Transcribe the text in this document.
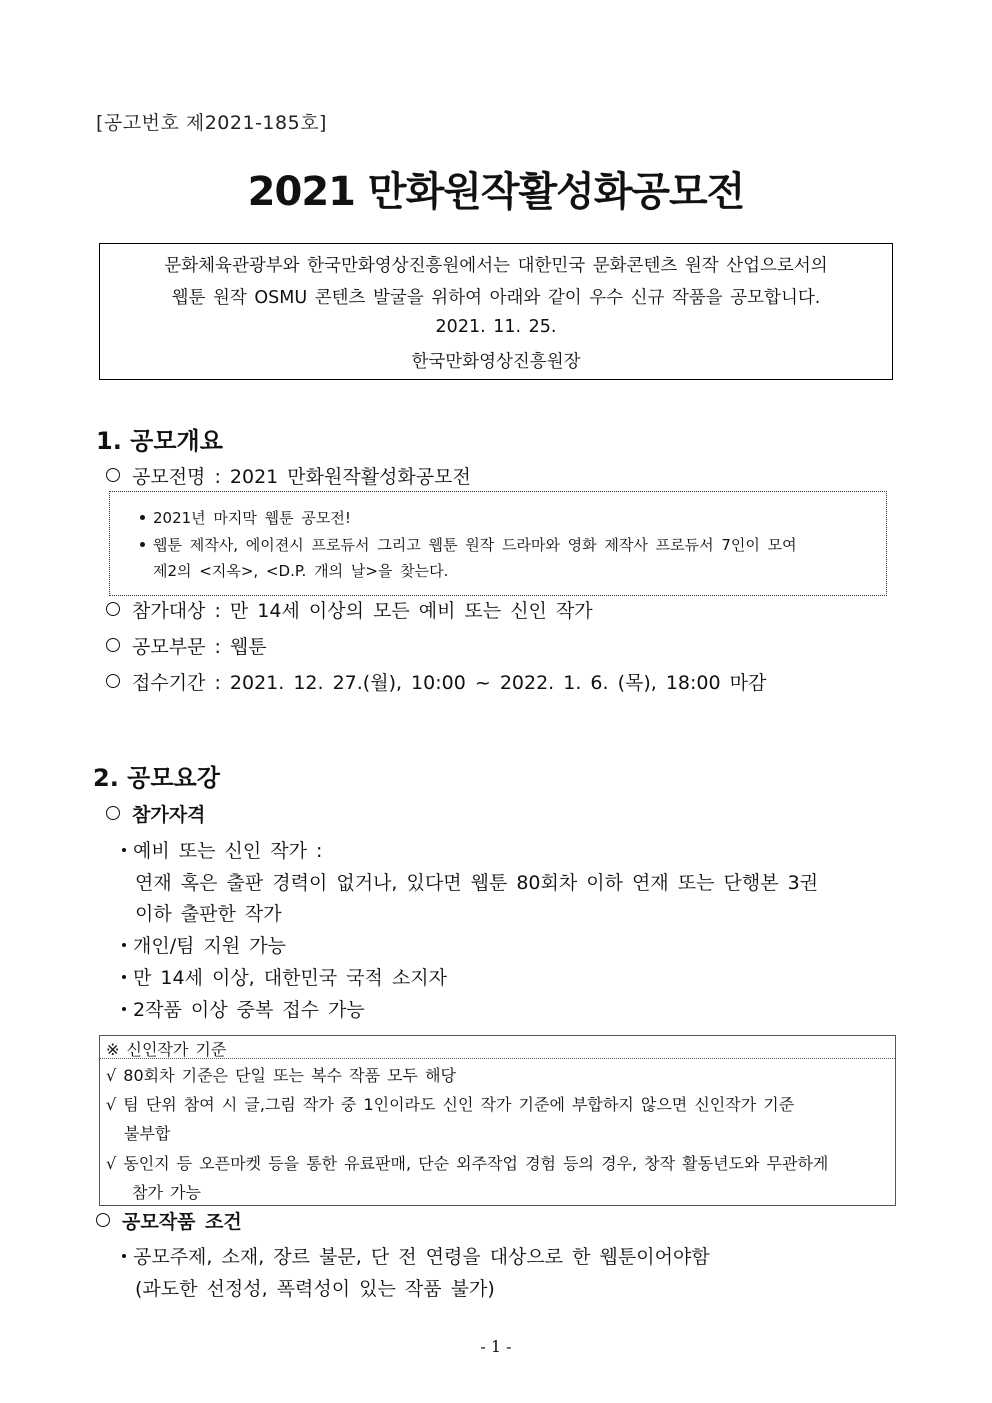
[공고번호 제2021-185호]
2021 만화원작활성화공모전
문화체육관광부와 한국만화영상진흥원에서는 대한민국 문화콘텐츠 원작 산업으로서의
웹툰 원작 OSMU 콘텐츠 발굴을 위하여 아래와 같이 우수 신규 작품을 공모합니다.
2021. 11. 25.
한국만화영상진흥원장
1. 공모개요
공모전명 : 2021 만화원작활성화공모전
2021년 마지막 웹툰 공모전!
웹툰 제작사, 에이젼시 프로듀서 그리고 웹툰 원작 드라마와 영화 제작사 프로듀서 7인이 모여
제2의 <지옥>, <D.P. 개의 날>을 찾는다.
참가대상 : 만 14세 이상의 모든 예비 또는 신인 작가
공모부문 : 웹툰
접수기간 : 2021. 12. 27.(월), 10:00 ~ 2022. 1. 6. (목), 18:00 마감
2. 공모요강
참가자격
예비 또는 신인 작가 :
연재 혹은 출판 경력이 없거나, 있다면 웹툰 80회차 이하 연재 또는 단행본 3권
이하 출판한 작가
개인/팀 지원 가능
만 14세 이상, 대한민국 국적 소지자
2작품 이상 중복 접수 가능
※ 신인작가 기준
√ 80회차 기준은 단일 또는 복수 작품 모두 해당
√ 팀 단위 참여 시 글,그림 작가 중 1인이라도 신인 작가 기준에 부합하지 않으면 신인작가 기준
불부합
√ 동인지 등 오픈마켓 등을 통한 유료판매, 단순 외주작업 경험 등의 경우, 창작 활동년도와 무관하게
참가 가능
공모작품 조건
공모주제, 소재, 장르 불문, 단 전 연령을 대상으로 한 웹툰이어야함
(과도한 선정성, 폭력성이 있는 작품 불가)
- 1 -
